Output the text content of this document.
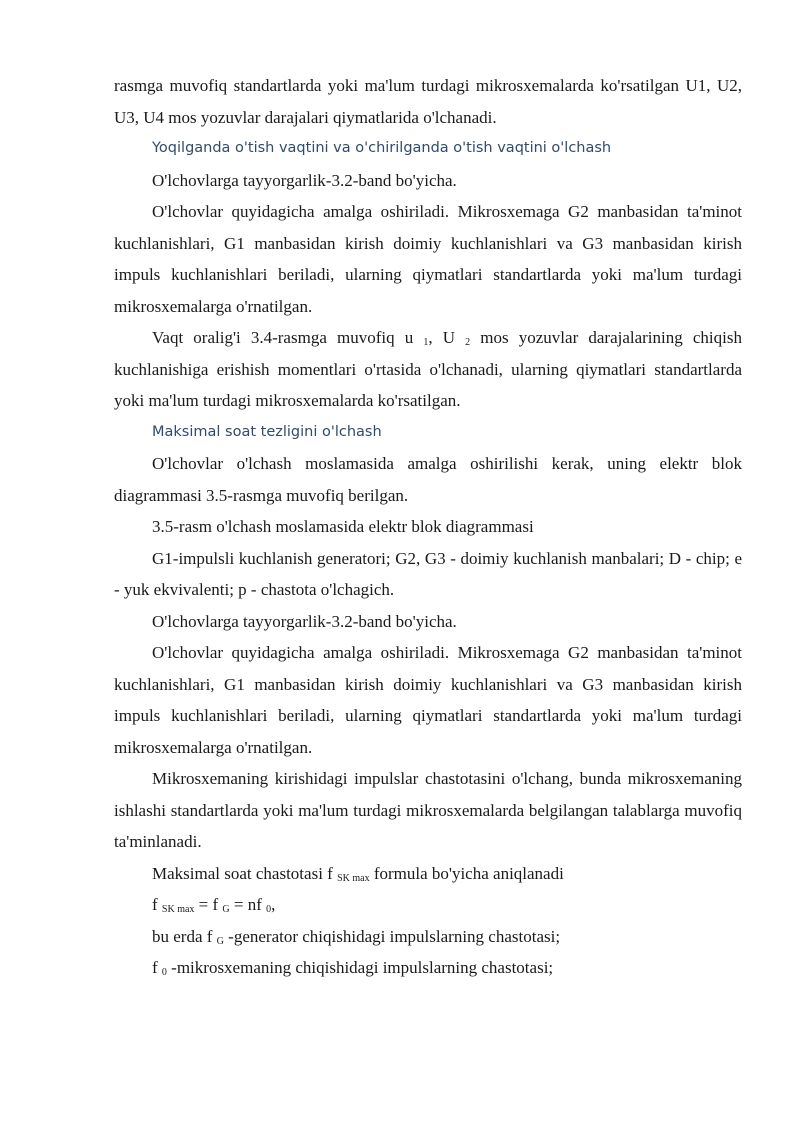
rasmga muvofiq standartlarda yoki ma'lum turdagi mikrosxemalarda ko'rsatilgan U1, U2, U3, U4 mos yozuvlar darajalari qiymatlarida o'lchanadi.

Yoqilganda o'tish vaqtini va o'chirilganda o'tish vaqtini o'lchash

O'lchovlarga tayyorgarlik-3.2-band bo'yicha.

O'lchovlar quyidagicha amalga oshiriladi. Mikrosxemaga G2 manbasidan ta'minot kuchlanishlari, G1 manbasidan kirish doimiy kuchlanishlari va G3 manbasidan kirish impuls kuchlanishlari beriladi, ularning qiymatlari standartlarda yoki ma'lum turdagi mikrosxemalarga o'rnatilgan.

Vaqt oralig'i 3.4-rasmga muvofiq u $_1$, U $_2$ mos yozuvlar darajalarining chiqish kuchlanishiga erishish momentlari o'rtasida o'lchanadi, ularning qiymatlari standartlarda yoki ma'lum turdagi mikrosxemalarda ko'rsatilgan.

Maksimal soat tezligini o'lchash

O'lchovlar o'lchash moslamasida amalga oshirilishi kerak, uning elektr blok diagrammasi 3.5-rasmga muvofiq berilgan.

3.5-rasm o'lchash moslamasida elektr blok diagrammasi

G1-impulsli kuchlanish generatori; G2, G3 - doimiy kuchlanish manbalari; D - chip; e - yuk ekvivalenti; p - chastota o'lchagich.

O'lchovlarga tayyorgarlik-3.2-band bo'yicha.

O'lchovlar quyidagicha amalga oshiriladi. Mikrosxemaga G2 manbasidan ta'minot kuchlanishlari, G1 manbasidan kirish doimiy kuchlanishlari va G3 manbasidan kirish impuls kuchlanishlari beriladi, ularning qiymatlari standartlarda yoki ma'lum turdagi mikrosxemalarga o'rnatilgan.

Mikrosxemaning kirishidagi impulslar chastotasini o'lchang, bunda mikrosxemaning ishlashi standartlarda yoki ma'lum turdagi mikrosxemalarda belgilangan talablarga muvofiq ta'minlanadi.

Maksimal soat chastotasi f $_{SK max}$ formula bo'yicha aniqlanadi

f $_{SK max}$ = f $_G$ = nf $_0$,

bu erda f $_G$ -generator chiqishidagi impulslarning chastotasi;

f $_0$ -mikrosxemaning chiqishidagi impulslarning chastotasi;
